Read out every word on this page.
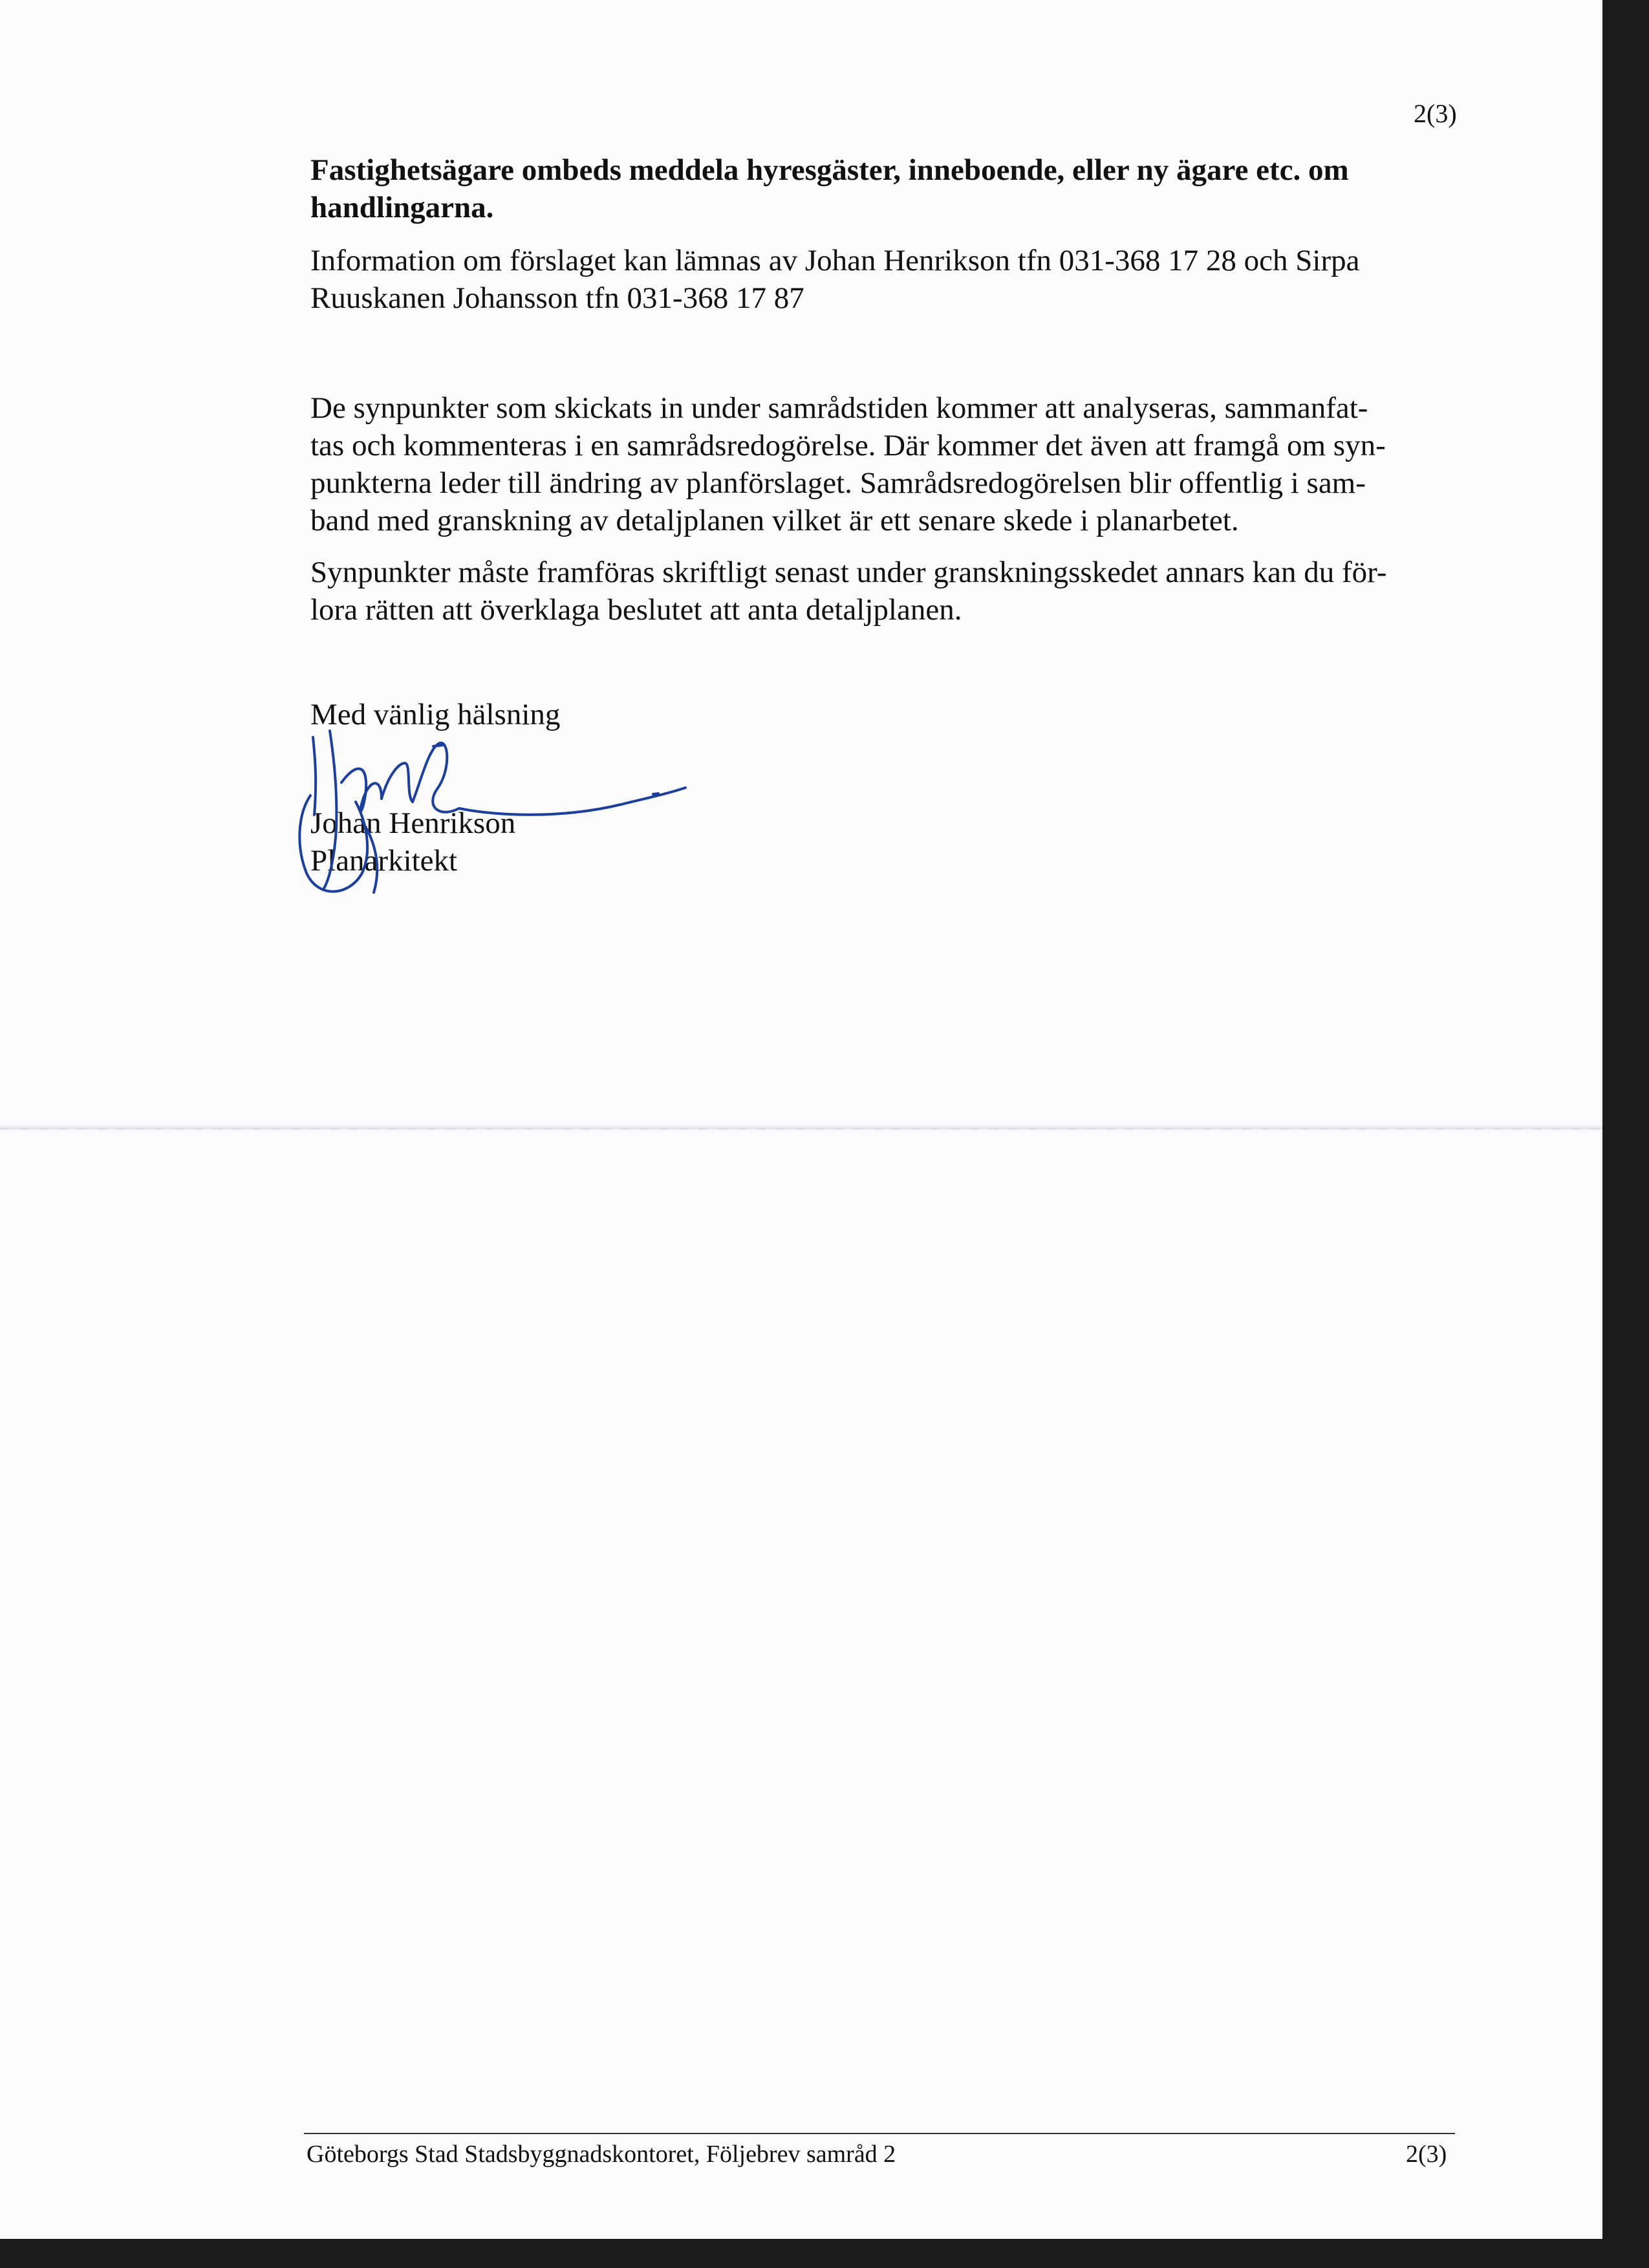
2(3)
Fastighetsägare ombeds meddela hyresgäster, inneboende, eller ny ägare etc. om
handlingarna.
Information om förslaget kan lämnas av Johan Henrikson tfn 031-368 17 28 och Sirpa
Ruuskanen Johansson tfn 031-368 17 87
De synpunkter som skickats in under samrådstiden kommer att analyseras, sammanfat-
tas och kommenteras i en samrådsredogörelse. Där kommer det även att framgå om syn-
punkterna leder till ändring av planförslaget. Samrådsredogörelsen blir offentlig i sam-
band med granskning av detaljplanen vilket är ett senare skede i planarbetet.
Synpunkter måste framföras skriftligt senast under granskningsskedet annars kan du för-
lora rätten att överklaga beslutet att anta detaljplanen.
Med vänlig hälsning
Johan Henrikson
Planarkitekt
Göteborgs Stad Stadsbyggnadskontoret, Följebrev samråd 2	2(3)
